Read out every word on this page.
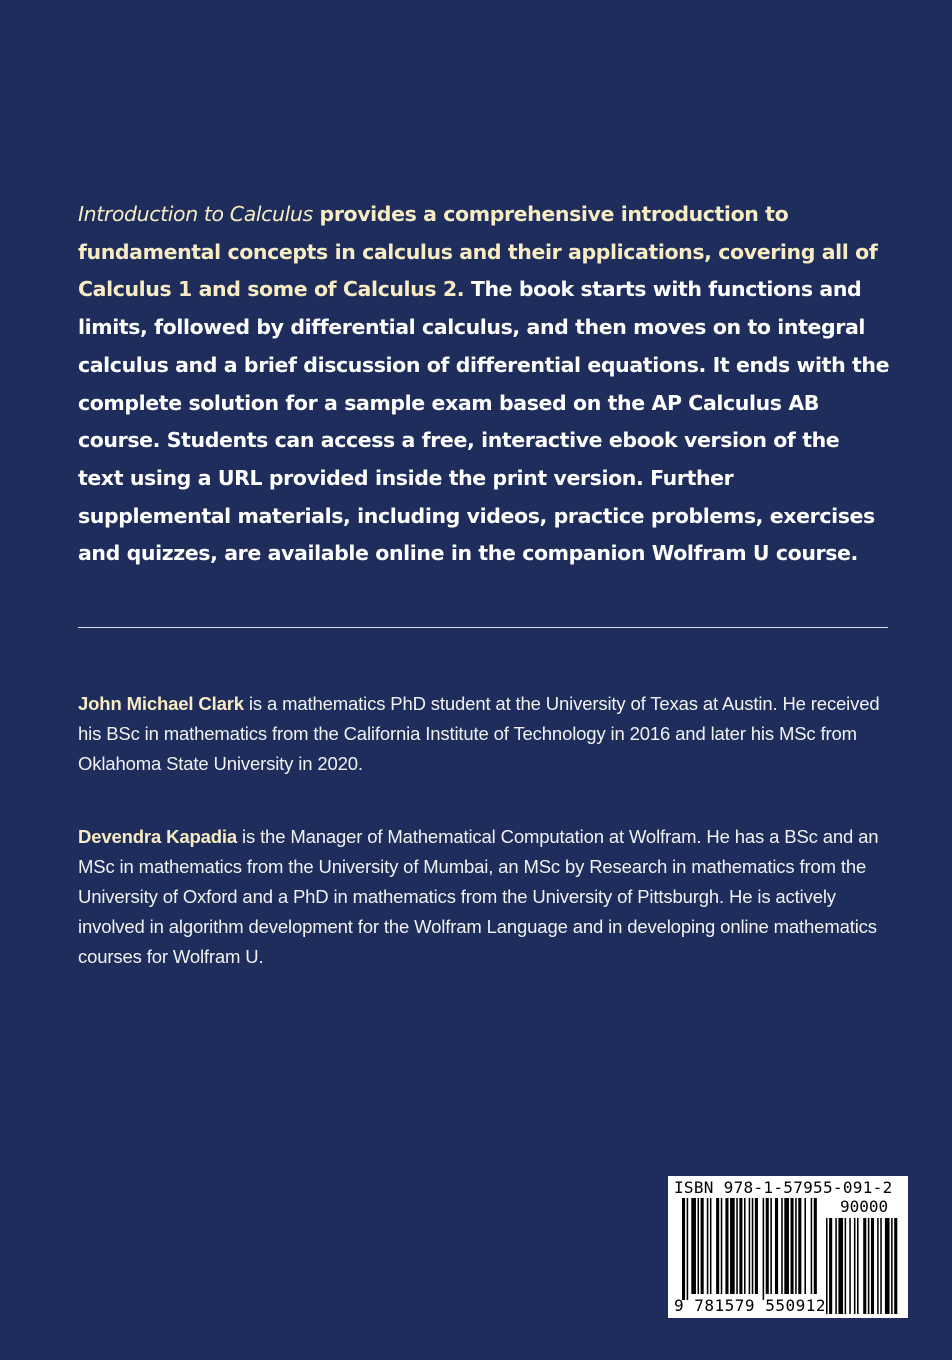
Introduction to Calculus provides a comprehensive introduction to fundamental concepts in calculus and their applications, covering all of Calculus 1 and some of Calculus 2. The book starts with functions and limits, followed by differential calculus, and then moves on to integral calculus and a brief discussion of differential equations. It ends with the complete solution for a sample exam based on the AP Calculus AB course. Students can access a free, interactive ebook version of the text using a URL provided inside the print version. Further supplemental materials, including videos, practice problems, exercises and quizzes, are available online in the companion Wolfram U course.

John Michael Clark is a mathematics PhD student at the University of Texas at Austin. He received his BSc in mathematics from the California Institute of Technology in 2016 and later his MSc from Oklahoma State University in 2020.

Devendra Kapadia is the Manager of Mathematical Computation at Wolfram. He has a BSc and an MSc in mathematics from the University of Mumbai, an MSc by Research in mathematics from the University of Oxford and a PhD in mathematics from the University of Pittsburgh. He is actively involved in algorithm development for the Wolfram Language and in developing online mathematics courses for Wolfram U.

ISBN 978-1-57955-091-2
90000
9 781579 550912
